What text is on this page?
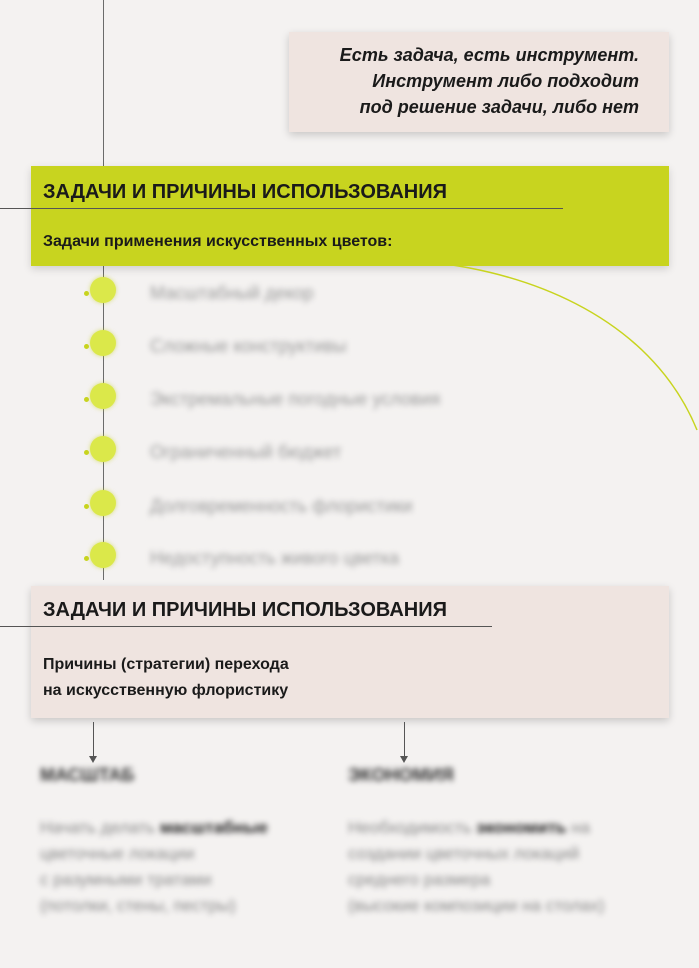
Есть задача, есть инструмент.
Инструмент либо подходит
под решение задачи, либо нет
ЗАДАЧИ И ПРИЧИНЫ ИСПОЛЬЗОВАНИЯ
Задачи применения искусственных цветов:
Масштабный декор
Сложные конструктивы
Экстремальные погодные условия
Ограниченный бюджет
Долговременность флористики
Недоступность живого цветка
ЗАДАЧИ И ПРИЧИНЫ ИСПОЛЬЗОВАНИЯ
Причины (стратегии) перехода
на искусственную флористику
МАСШТАБ
Начать делать масштабные
цветочные локации
с разумными тратами
(потолки, стены, пестры)
ЭКОНОМИЯ
Необходимость экономить на
создании цветочных локаций
среднего размера
(высокие композиции на столах)
